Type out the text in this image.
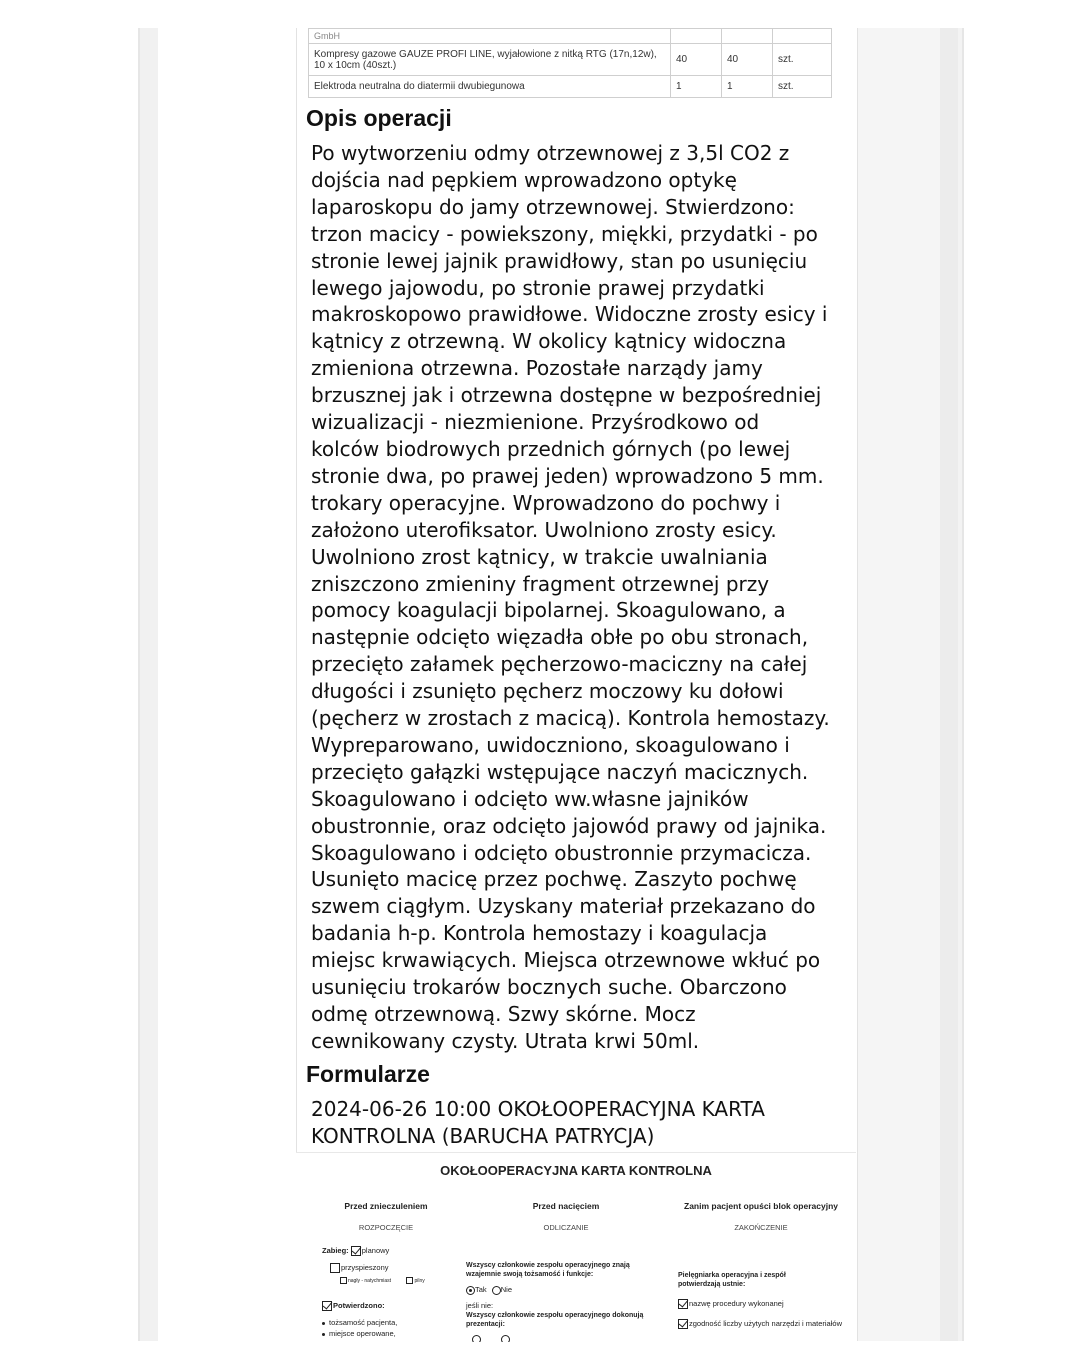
GmbH			
Kompresy gazowe GAUZE PROFI LINE, wyjałowione z nitką RTG (17n,12w), 10 x 10cm (40szt.)	40	40	szt.
Elektroda neutralna do diatermii dwubiegunowa	1	1	szt.
Opis operacji

Po wytworzeniu odmy otrzewnowej z 3,5l CO2 z
dojścia nad pępkiem wprowadzono optykę
laparoskopu do jamy otrzewnowej. Stwierdzono:
trzon macicy - powiekszony, miękki, przydatki - po
stronie lewej jajnik prawidłowy, stan po usunięciu
lewego jajowodu, po stronie prawej przydatki
makroskopowo prawidłowe. Widoczne zrosty esicy i
kątnicy z otrzewną. W okolicy kątnicy widoczna
zmieniona otrzewna. Pozostałe narządy jamy
brzusznej jak i otrzewna dostępne w bezpośredniej
wizualizacji - niezmienione. Przyśrodkowo od
kolców biodrowych przednich górnych (po lewej
stronie dwa, po prawej jeden) wprowadzono 5 mm.
trokary operacyjne. Wprowadzono do pochwy i
założono uterofiksator. Uwolniono zrosty esicy.
Uwolniono zrost kątnicy, w trakcie uwalniania
zniszczono zmieniny fragment otrzewnej przy
pomocy koagulacji bipolarnej. Skoagulowano, a
następnie odcięto więzadła obłe po obu stronach,
przecięto załamek pęcherzowo-maciczny na całej
długości i zsunięto pęcherz moczowy ku dołowi
(pęcherz w zrostach z macicą). Kontrola hemostazy.
Wypreparowano, uwidoczniono, skoagulowano i
przecięto gałązki wstępujące naczyń macicznych.
Skoagulowano i odcięto ww.własne jajników
obustronnie, oraz odcięto jajowód prawy od jajnika.
Skoagulowano i odcięto obustronnie przymacicza.
Usunięto macicę przez pochwę. Zaszyto pochwę
szwem ciągłym. Uzyskany materiał przekazano do
badania h-p. Kontrola hemostazy i koagulacja
miejsc krwawiących. Miejsca otrzewnowe wkłuć po
usunięciu trokarów bocznych suche. Obarczono
odmę otrzewnową. Szwy skórne. Mocz
cewnikowany czysty. Utrata krwi 50ml.

Formularze

2024-06-26 10:00 OKOŁOOPERACYJNA KARTA KONTROLNA (BARUCHA PATRYCJA)

OKOŁOOPERACYJNA KARTA KONTROLNA
Przed znieczuleniem
ROZPOCZĘCIE
Przed nacięciem
ODLICZANIE
Zanim pacjent opuści blok operacyjny
ZAKOŃCZENIE
Zabieg: planowy
przyspieszony
nagły - natychmiast	pilny
Potwierdzono:
tożsamość pacjenta,
miejsce operowane,
Wszyscy członkowie zespołu operacyjnego znają wzajemnie swoją tożsamość i funkcje:
Tak Nie
jeśli nie:
Wszyscy członkowie zespołu operacyjnego dokonują prezentacji:

Pielęgniarka operacyjna i zespół potwierdzają ustnie:
nazwę procedury wykonanej
zgodność liczby użytych narzędzi i materiałów
